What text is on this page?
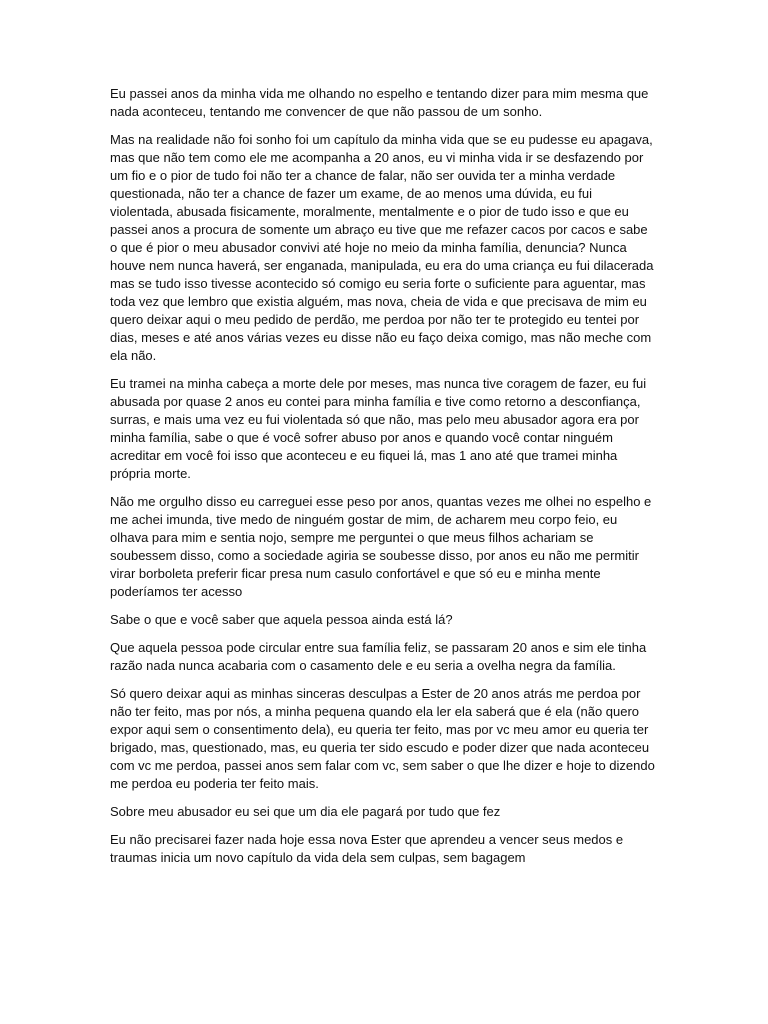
Eu passei anos da minha vida me olhando no espelho e tentando dizer para mim mesma que nada aconteceu, tentando me convencer de que não passou de um sonho.

Mas na realidade não foi sonho foi um capítulo da minha vida que se eu pudesse eu apagava, mas que não tem como ele me acompanha a 20 anos, eu vi minha vida ir se desfazendo por um fio e o pior de tudo foi não ter a chance de falar, não ser ouvida ter a minha verdade questionada, não ter a chance de fazer um exame, de ao menos uma dúvida, eu fui violentada, abusada fisicamente, moralmente, mentalmente e o pior de tudo isso e que eu passei anos a procura de somente um abraço eu tive que me refazer cacos por cacos e sabe o que é pior o meu abusador convivi até hoje no meio da minha família, denuncia? Nunca houve nem nunca haverá, ser enganada, manipulada, eu era do uma criança eu fui dilacerada mas se tudo isso tivesse acontecido só comigo eu seria forte o suficiente para aguentar, mas toda vez que lembro que existia alguém, mas nova, cheia de vida e que precisava de mim eu quero deixar aqui o meu pedido de perdão, me perdoa por não ter te protegido eu tentei por dias, meses e até anos várias vezes eu disse não eu faço deixa comigo, mas não meche com ela não.

Eu tramei na minha cabeça a morte dele por meses, mas nunca tive coragem de fazer, eu fui abusada por quase 2 anos eu contei para minha família e tive como retorno a desconfiança, surras, e mais uma vez eu fui violentada só que não, mas pelo meu abusador agora era por minha família, sabe o que é você sofrer abuso por anos e quando você contar ninguém acreditar em você foi isso que aconteceu e eu fiquei lá, mas 1 ano até que tramei minha própria morte.

Não me orgulho disso eu carreguei esse peso por anos, quantas vezes me olhei no espelho e me achei imunda, tive medo de ninguém gostar de mim, de acharem meu corpo feio, eu olhava para mim e sentia nojo, sempre me perguntei o que meus filhos achariam se soubessem disso, como a sociedade agiria se soubesse disso, por anos eu não me permitir virar borboleta preferir ficar presa num casulo confortável e que só eu e minha mente poderíamos ter acesso

Sabe o que e você saber que aquela pessoa ainda está lá?

Que aquela pessoa pode circular entre sua família feliz, se passaram 20 anos e sim ele tinha razão nada nunca acabaria com o casamento dele e eu seria a ovelha negra da família.

Só quero deixar aqui as minhas sinceras desculpas a Ester de 20 anos atrás me perdoa por não ter feito, mas por nós, a minha pequena quando ela ler ela saberá que é ela (não quero expor aqui sem o consentimento dela), eu queria ter feito, mas por vc meu amor eu queria ter brigado, mas, questionado, mas, eu queria ter sido escudo e poder dizer que nada aconteceu com vc me perdoa, passei anos sem falar com vc, sem saber o que lhe dizer e hoje to dizendo me perdoa eu poderia ter feito mais.

Sobre meu abusador eu sei que um dia ele pagará por tudo que fez

Eu não precisarei fazer nada hoje essa nova Ester que aprendeu a vencer seus medos e traumas inicia um novo capítulo da vida dela sem culpas, sem bagagem
